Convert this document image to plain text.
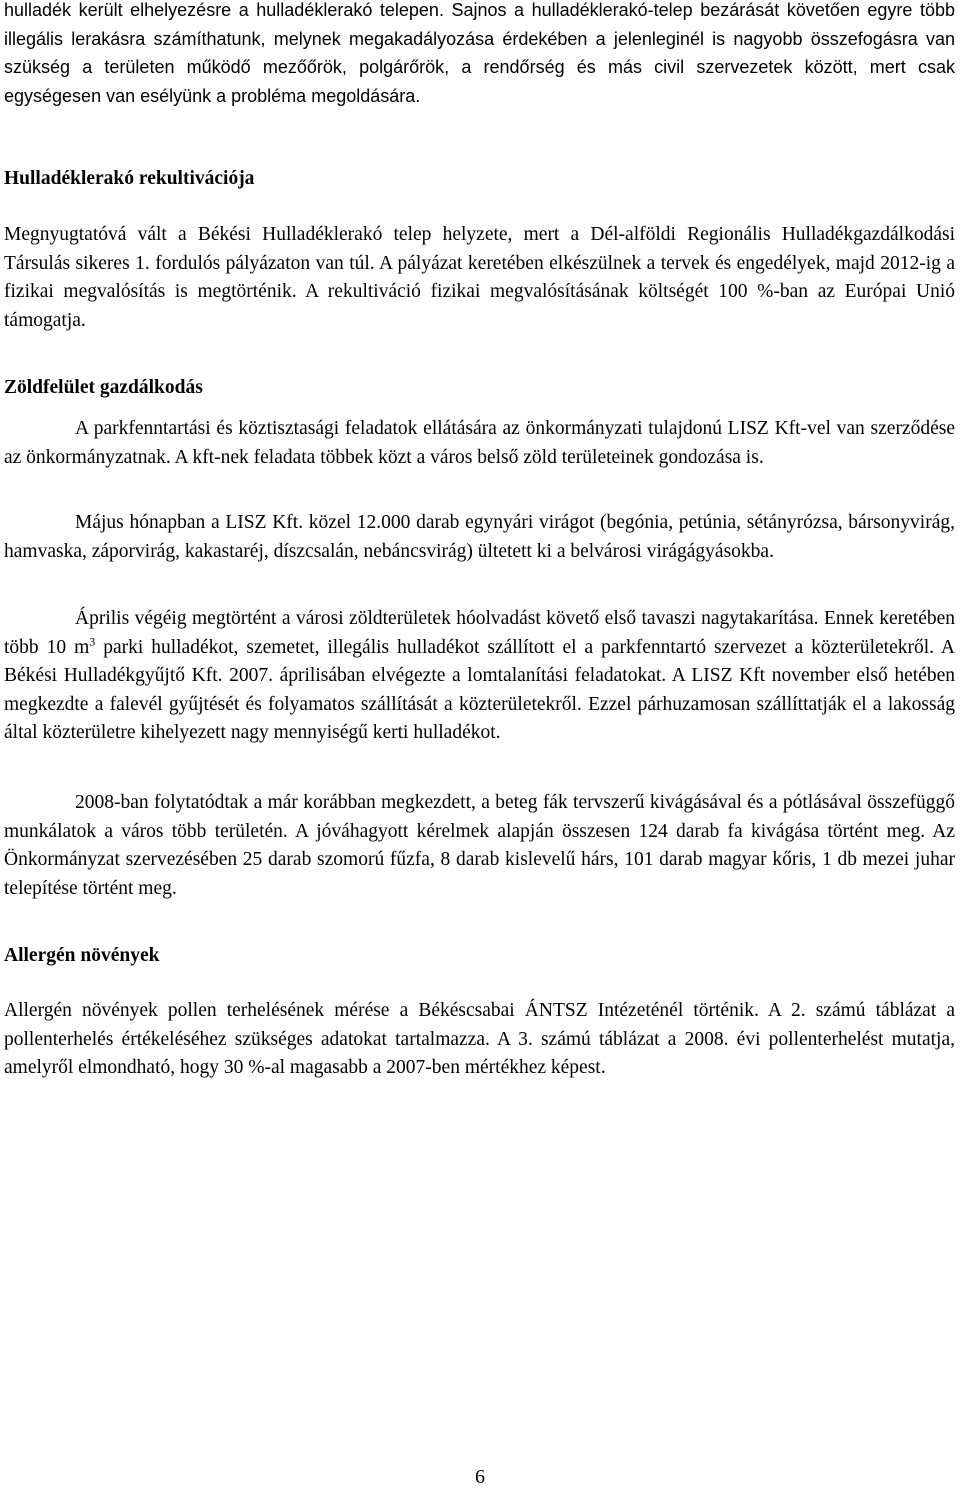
hulladék került elhelyezésre a hulladéklerakó telepen. Sajnos a hulladéklerakó-telep bezárását követően egyre több illegális lerakásra számíthatunk, melynek megakadályozása érdekében a jelenleginél is nagyobb összefogásra van szükség a területen működő mezőőrök, polgárőrök, a rendőrség és más civil szervezetek között, mert csak egységesen van esélyünk a probléma megoldására.

Hulladéklerakó rekultivációja

Megnyugtatóvá vált a Békési Hulladéklerakó telep helyzete, mert a Dél-alföldi Regionális Hulladékgazdálkodási Társulás sikeres 1. fordulós pályázaton van túl. A pályázat keretében elkészülnek a tervek és engedélyek, majd 2012-ig a fizikai megvalósítás is megtörténik. A rekultiváció fizikai megvalósításának költségét 100 %-ban az Európai Unió támogatja.

Zöldfelület gazdálkodás

A parkfenntartási és köztisztasági feladatok ellátására az önkormányzati tulajdonú LISZ Kft-vel van szerződése az önkormányzatnak. A kft-nek feladata többek közt a város belső zöld területeinek gondozása is.

Május hónapban a LISZ Kft. közel 12.000 darab egynyári virágot (begónia, petúnia, sétányrózsa, bársonyvirág, hamvaska, záporvirág, kakastaréj, díszcsalán, nebáncsvirág) ültetett ki a belvárosi virágágyásokba.

Április végéig megtörtént a városi zöldterületek hóolvadást követő első tavaszi nagytakarítása. Ennek keretében több 10 $m^3$ parki hulladékot, szemetet, illegális hulladékot szállított el a parkfenntartó szervezet a közterületekről. A Békési Hulladékgyűjtő Kft. 2007. áprilisában elvégezte a lomtalanítási feladatokat. A LISZ Kft november első hetében megkezdte a falevél gyűjtését és folyamatos szállítását a közterületekről. Ezzel párhuzamosan szállíttatják el a lakosság által közterületre kihelyezett nagy mennyiségű kerti hulladékot.

2008-ban folytatódtak a már korábban megkezdett, a beteg fák tervszerű kivágásával és a pótlásával összefüggő munkálatok a város több területén. A jóváhagyott kérelmek alapján összesen 124 darab fa kivágása történt meg. Az Önkormányzat szervezésében 25 darab szomorú fűzfa, 8 darab kislevelű hárs, 101 darab magyar kőris, 1 db mezei juhar telepítése történt meg.

Allergén növények

Allergén növények pollen terhelésének mérése a Békéscsabai ÁNTSZ Intézeténél történik. A 2. számú táblázat a pollenterhelés értékeléséhez szükséges adatokat tartalmazza. A 3. számú táblázat a 2008. évi pollenterhelést mutatja, amelyről elmondható, hogy 30 %-al magasabb a 2007-ben mértékhez képest.

6
